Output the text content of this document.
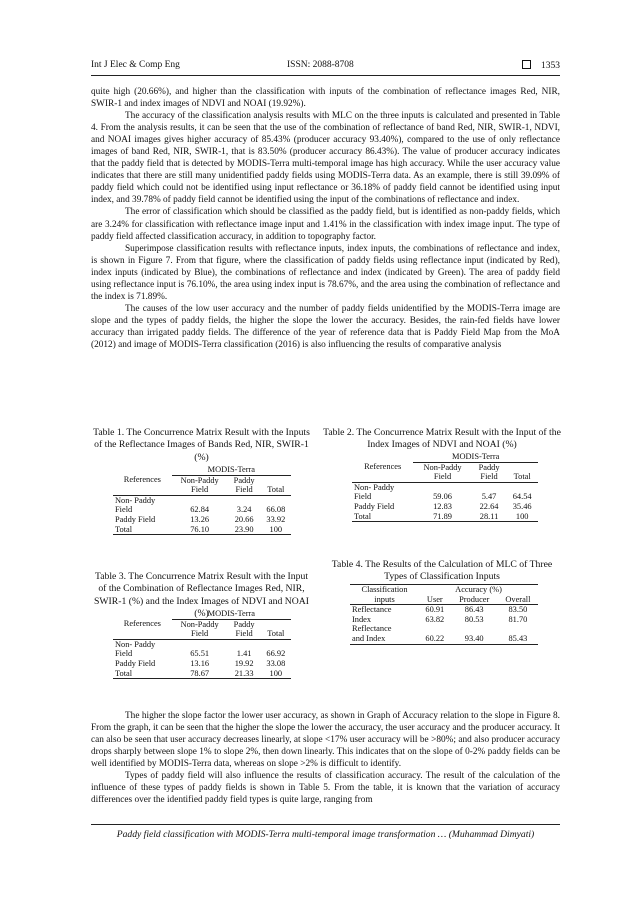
Int J Elec & Comp Eng	ISSN: 2088-8708	1353

quite high (20.66%), and higher than the classification with inputs of the combination of reflectance images Red, NIR, SWIR-1 and index images of NDVI and NOAI (19.92%).

The accuracy of the classification analysis results with MLC on the three inputs is calculated and presented in Table 4. From the analysis results, it can be seen that the use of the combination of reflectance of band Red, NIR, SWIR-1, NDVI, and NOAI images gives higher accuracy of 85.43% (producer accuracy 93.40%), compared to the use of only reflectance images of band Red, NIR, SWIR-1, that is 83.50% (producer accuracy 86.43%). The value of producer accuracy indicates that the paddy field that is detected by MODIS-Terra multi-temporal image has high accuracy. While the user accuracy value indicates that there are still many unidentified paddy fields using MODIS-Terra data. As an example, there is still 39.09% of paddy field which could not be identified using input reflectance or 36.18% of paddy field cannot be identified using input index, and 39.78% of paddy field cannot be identified using the input of the combinations of reflectance and index.

The error of classification which should be classified as the paddy field, but is identified as non-paddy fields, which are 3.24% for classification with reflectance image input and 1.41% in the classification with index image input. The type of paddy field affected classification accuracy, in addition to topography factor.

Superimpose classification results with reflectance inputs, index inputs, the combinations of reflectance and index, is shown in Figure 7. From that figure, where the classification of paddy fields using reflectance input (indicated by Red), index inputs (indicated by Blue), the combinations of reflectance and index (indicated by Green). The area of paddy field using reflectance input is 76.10%, the area using index input is 78.67%, and the area using the combination of reflectance and the index is 71.89%.

The causes of the low user accuracy and the number of paddy fields unidentified by the MODIS-Terra image are slope and the types of paddy fields, the higher the slope the lower the accuracy. Besides, the rain-fed fields have lower accuracy than irrigated paddy fields. The difference of the year of reference data that is Paddy Field Map from the MoA (2012) and image of MODIS-Terra classification (2016) is also influencing the results of comparative analysis

Table 1. The Concurrence Matrix Result with the Inputs of the Reflectance Images of Bands Red, NIR, SWIR-1 (%)
	MODIS-Terra		
References	Non-Paddy	Paddy	
	Field	Field	Total
Non- Paddy			
Field	62.84	3.24	66.08
Paddy Field	13.26	20.66	33.92
Total	76.10	23.90	100
Table 2. The Concurrence Matrix Result with the Input of the Index Images of NDVI and NOAI (%)
	MODIS-Terra		
References	Non-Paddy	Paddy	
	Field	Field	Total
Non- Paddy			
Field	59.06	5.47	64.54
Paddy Field	12.83	22.64	35.46
Total	71.89	28.11	100
Table 3. The Concurrence Matrix Result with the Input of the Combination of Reflectance Images Red, NIR, SWIR-1 (%) and the Index Images of NDVI and NOAI (%)
	MODIS-Terra		
References	Non-Paddy	Paddy	
	Field	Field	Total
Non- Paddy			
Field	65.51	1.41	66.92
Paddy Field	13.16	19.92	33.08
Total	78.67	21.33	100
Table 4. The Results of the Calculation of MLC of Three Types of Classification Inputs
Classification	Accuracy (%)		
inputs	User	Producer	Overall
Reflectance	60.91	86.43	83.50
Index	63.82	80.53	81.70
Reflectance			
and Index	60.22	93.40	85.43

The higher the slope factor the lower user accuracy, as shown in Graph of Accuracy relation to the slope in Figure 8. From the graph, it can be seen that the higher the slope the lower the accuracy, the user accuracy and the producer accuracy. It can also be seen that user accuracy decreases linearly, at slope <17% user accuracy will be >80%; and also producer accuracy drops sharply between slope 1% to slope 2%, then down linearly. This indicates that on the slope of 0-2% paddy fields can be well identified by MODIS-Terra data, whereas on slope >2% is difficult to identify.

Types of paddy field will also influence the results of classification accuracy. The result of the calculation of the influence of these types of paddy fields is shown in Table 5. From the table, it is known that the variation of accuracy differences over the identified paddy field types is quite large, ranging from

Paddy field classification with MODIS-Terra multi-temporal image transformation … (Muhammad Dimyati)
